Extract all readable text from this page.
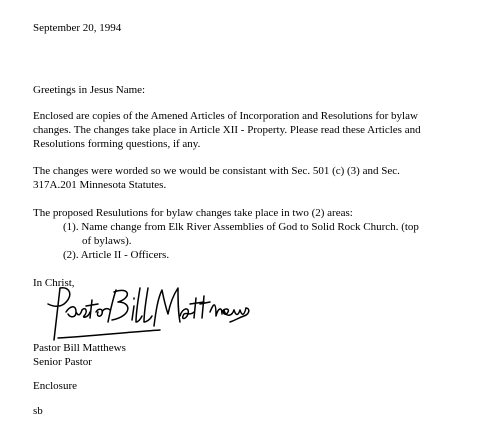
September 20, 1994
Greetings in Jesus Name:
Enclosed are copies of the Amened Articles of Incorporation and Resolutions for bylaw
changes. The changes take place in Article XII - Property. Please read these Articles and
Resolutions forming questions, if any.
The changes were worded so we would be consistant with Sec. 501 (c) (3) and Sec.
317A.201 Minnesota Statutes.
The proposed Resulutions for bylaw changes take place in two (2) areas:
(1). Name change from Elk River Assemblies of God to Solid Rock Church. (top
of bylaws).
(2). Article II - Officers.
In Christ,
Pastor Bill Matthews
Senior Pastor
Enclosure
sb
